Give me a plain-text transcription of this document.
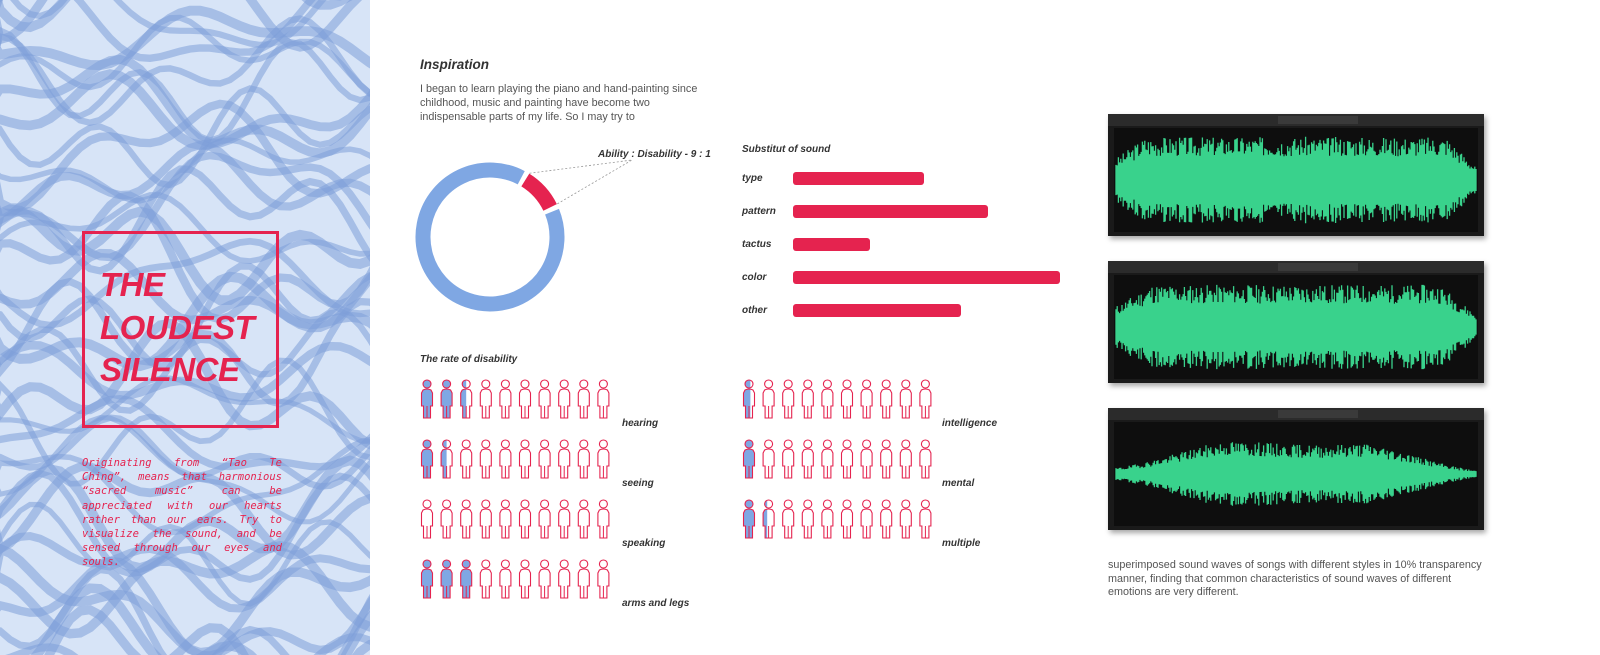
THE
LOUDEST
SILENCE
Originating from “Tao Te Ching”, means that harmonious “sacred music” can be appreciated with our hearts rather than our ears. Try to visualize the sound, and be sensed through our eyes and souls.
Inspiration
I began to learn playing the piano and hand-painting since childhood, music and painting have become two indispensable parts of my life. So I may try to
Ability : Disability - 9 : 1	Substitut of sound
type
pattern
tactus
color
other
The rate of disability
hearing
seeing
speaking
arms and legs
intelligence
mental
multiple
superimposed sound waves of songs with different styles in 10% transparency manner, finding that common characteristics of sound waves of different emotions are very different.
